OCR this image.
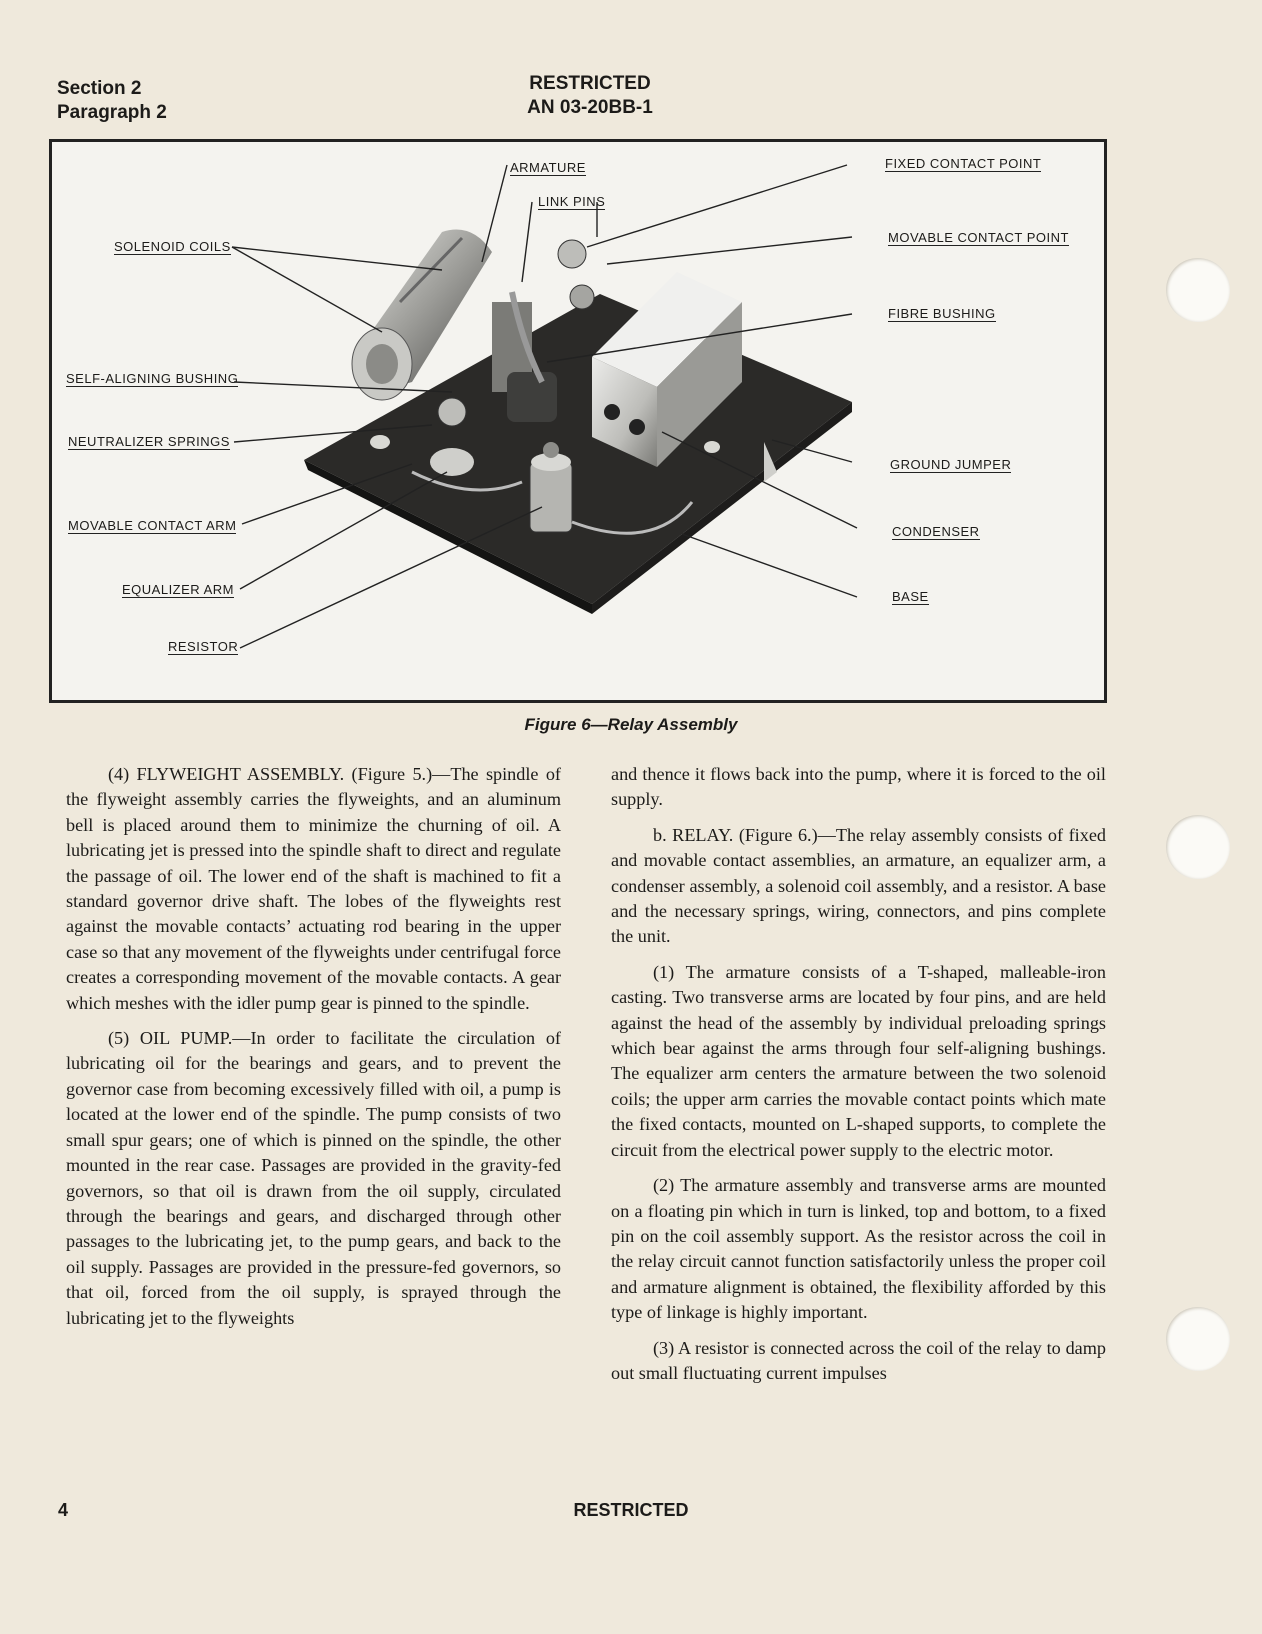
Section 2
Paragraph 2
RESTRICTED
AN 03-20BB-1
ARMATURE
LINK PINS
SOLENOID COILS
SELF-ALIGNING BUSHING
NEUTRALIZER SPRINGS
MOVABLE CONTACT ARM
EQUALIZER ARM
RESISTOR
FIXED CONTACT POINT
MOVABLE CONTACT POINT
FIBRE BUSHING
GROUND JUMPER
CONDENSER
BASE
Figure 6—Relay Assembly

(4) FLYWEIGHT ASSEMBLY. (Figure 5.)—The spindle of the flyweight assembly carries the flyweights, and an aluminum bell is placed around them to minimize the churning of oil. A lubricating jet is pressed into the spindle shaft to direct and regulate the passage of oil. The lower end of the shaft is machined to fit a standard governor drive shaft. The lobes of the flyweights rest against the movable contacts’ actuating rod bearing in the upper case so that any movement of the flyweights under centrifugal force creates a corresponding movement of the movable contacts. A gear which meshes with the idler pump gear is pinned to the spindle.

(5) OIL PUMP.—In order to facilitate the circulation of lubricating oil for the bearings and gears, and to prevent the governor case from becoming excessively filled with oil, a pump is located at the lower end of the spindle. The pump consists of two small spur gears; one of which is pinned on the spindle, the other mounted in the rear case. Passages are provided in the gravity-fed governors, so that oil is drawn from the oil supply, circulated through the bearings and gears, and discharged through other passages to the lubricating jet, to the pump gears, and back to the oil supply. Passages are provided in the pressure-fed governors, so that oil, forced from the oil supply, is sprayed through the lubricating jet to the flyweights

and thence it flows back into the pump, where it is forced to the oil supply.

b. RELAY. (Figure 6.)—The relay assembly consists of fixed and movable contact assemblies, an armature, an equalizer arm, a condenser assembly, a solenoid coil assembly, and a resistor. A base and the necessary springs, wiring, connectors, and pins complete the unit.

(1) The armature consists of a T-shaped, malleable-iron casting. Two transverse arms are located by four pins, and are held against the head of the assembly by individual preloading springs which bear against the arms through four self-aligning bushings. The equalizer arm centers the armature between the two solenoid coils; the upper arm carries the movable contact points which mate the fixed contacts, mounted on L-shaped supports, to complete the circuit from the electrical power supply to the electric motor.

(2) The armature assembly and transverse arms are mounted on a floating pin which in turn is linked, top and bottom, to a fixed pin on the coil assembly support. As the resistor across the coil in the relay circuit cannot function satisfactorily unless the proper coil and armature alignment is obtained, the flexibility afforded by this type of linkage is highly important.

(3) A resistor is connected across the coil of the relay to damp out small fluctuating current impulses

4	RESTRICTED
